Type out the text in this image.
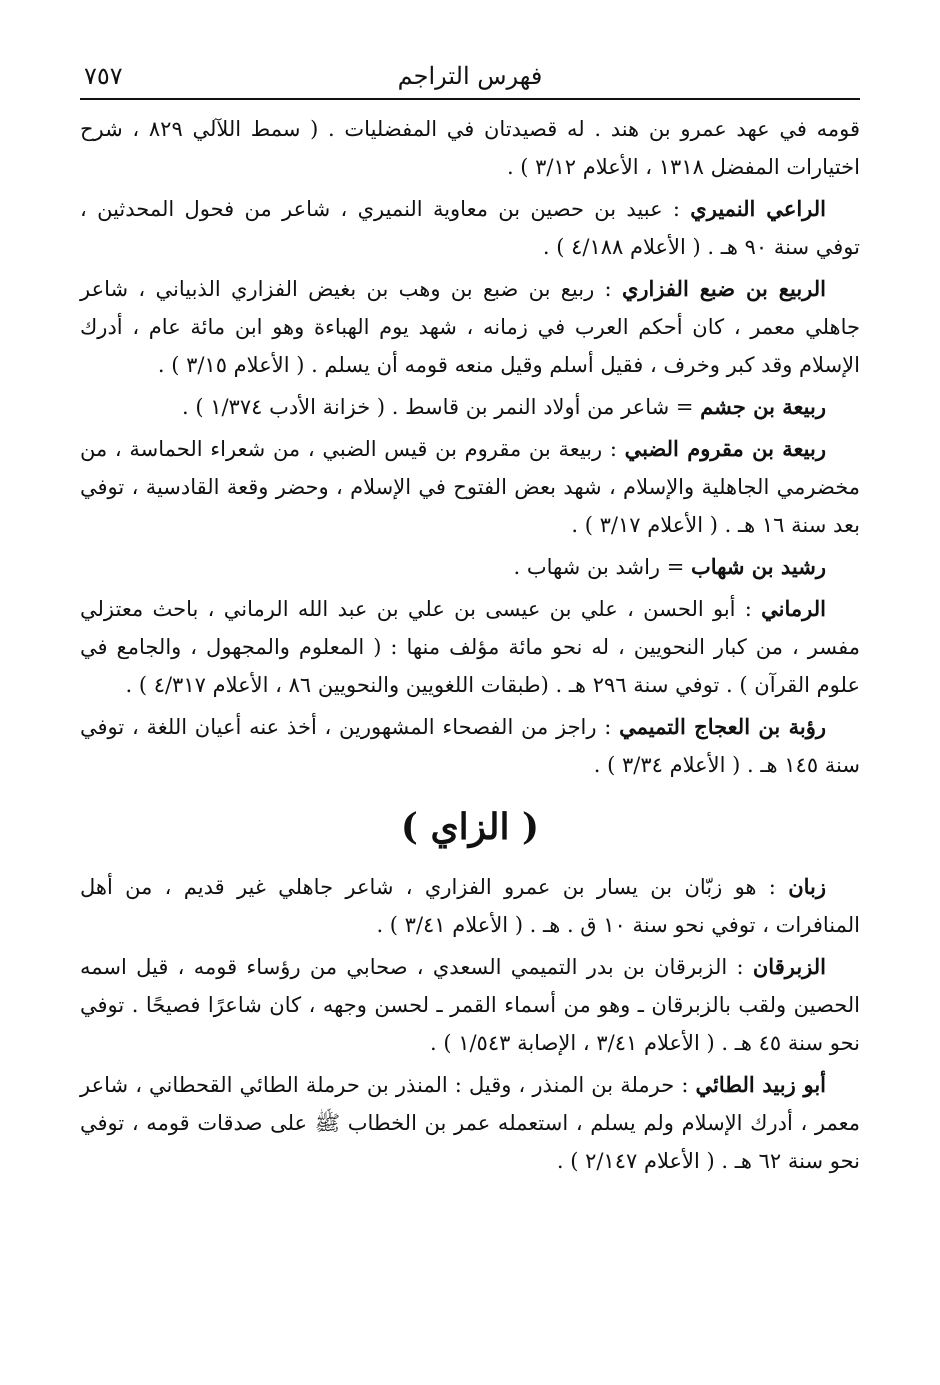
فهرس التراجم
٧٥٧

قومه في عهد عمرو بن هند . له قصيدتان في المفضليات . ( سمط اللآلي ٨٢٩ ، شرح اختيارات المفضل ١٣١٨ ، الأعلام ٣/١٢ ) .

الراعي النميري : عبيد بن حصين بن معاوية النميري ، شاعر من فحول المحدثين ، توفي سنة ٩٠ هـ . ( الأعلام ٤/١٨٨ ) .

الربيع بن ضبع الفزاري : ربيع بن ضبع بن وهب بن بغيض الفزاري الذبياني ، شاعر جاهلي معمر ، كان أحكم العرب في زمانه ، شهد يوم الهباءة وهو ابن مائة عام ، أدرك الإسلام وقد كبر وخرف ، فقيل أسلم وقيل منعه قومه أن يسلم . ( الأعلام ٣/١٥ ) .

ربيعة بن جشم = شاعر من أولاد النمر بن قاسط . ( خزانة الأدب ١/٣٧٤ ) .

ربيعة بن مقروم الضبي : ربيعة بن مقروم بن قيس الضبي ، من شعراء الحماسة ، من مخضرمي الجاهلية والإسلام ، شهد بعض الفتوح في الإسلام ، وحضر وقعة القادسية ، توفي بعد سنة ١٦ هـ . ( الأعلام ٣/١٧ ) .

رشيد بن شهاب = راشد بن شهاب .

الرماني : أبو الحسن ، علي بن عيسى بن علي بن عبد الله الرماني ، باحث معتزلي مفسر ، من كبار النحويين ، له نحو مائة مؤلف منها : ( المعلوم والمجهول ، والجامع في علوم القرآن ) . توفي سنة ٢٩٦ هـ . (طبقات اللغويين والنحويين ٨٦ ، الأعلام ٤/٣١٧ ) .

رؤبة بن العجاج التميمي : راجز من الفصحاء المشهورين ، أخذ عنه أعيان اللغة ، توفي سنة ١٤٥ هـ . ( الأعلام ٣/٣٤ ) .

( الزاي )

زبان : هو زبّان بن يسار بن عمرو الفزاري ، شاعر جاهلي غير قديم ، من أهل المنافرات ، توفي نحو سنة ١٠ ق . هـ . ( الأعلام ٣/٤١ ) .

الزبرقان : الزبرقان بن بدر التميمي السعدي ، صحابي من رؤساء قومه ، قيل اسمه الحصين ولقب بالزبرقان ـ وهو من أسماء القمر ـ لحسن وجهه ، كان شاعرًا فصيحًا . توفي نحو سنة ٤٥ هـ . ( الأعلام ٣/٤١ ، الإصابة ١/٥٤٣ ) .

أبو زبيد الطائي : حرملة بن المنذر ، وقيل : المنذر بن حرملة الطائي القحطاني ، شاعر معمر ، أدرك الإسلام ولم يسلم ، استعمله عمر بن الخطاب ﷺ على صدقات قومه ، توفي نحو سنة ٦٢ هـ . ( الأعلام ٢/١٤٧ ) .
